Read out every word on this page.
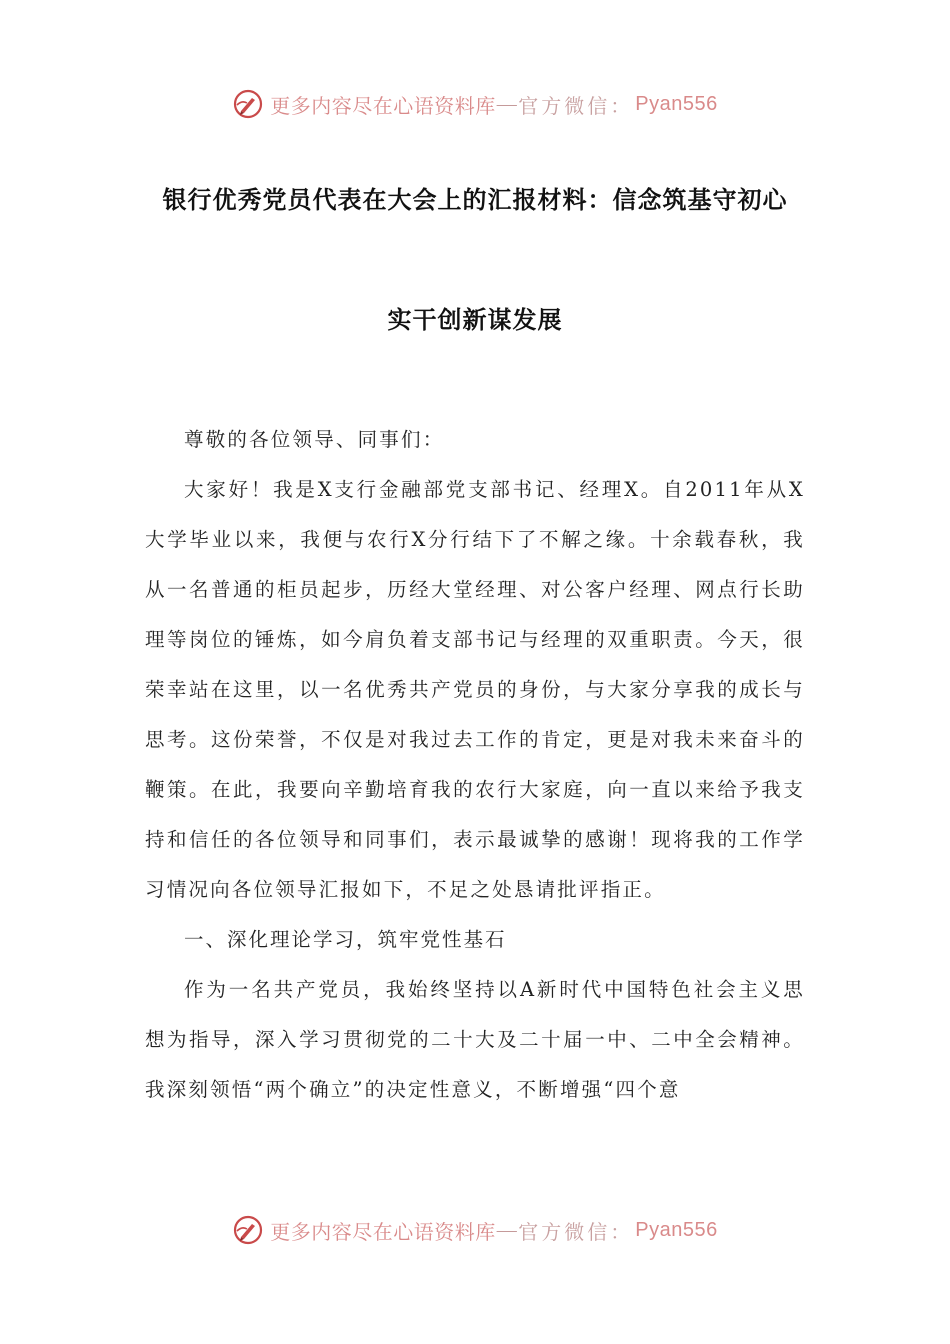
更多内容尽在心语资料库 — 官方微信： Pyan556
银行优秀党员代表在大会上的汇报材料：信念筑基守初心
实干创新谋发展

尊敬的各位领导、同事们：

大家好！我是X支行金融部党支部书记、经理X。自2011年从X大学毕业以来，我便与农行X分行结下了不解之缘。十余载春秋，我从一名普通的柜员起步，历经大堂经理、对公客户经理、网点行长助理等岗位的锤炼，如今肩负着支部书记与经理的双重职责。今天，很荣幸站在这里，以一名优秀共产党员的身份，与大家分享我的成长与思考。这份荣誉，不仅是对我过去工作的肯定，更是对我未来奋斗的鞭策。在此，我要向辛勤培育我的农行大家庭，向一直以来给予我支持和信任的各位领导和同事们，表示最诚挚的感谢！现将我的工作学习情况向各位领导汇报如下，不足之处恳请批评指正。

一、深化理论学习，筑牢党性基石

作为一名共产党员，我始终坚持以A新时代中国特色社会主义思想为指导，深入学习贯彻党的二十大及二十届一中、二中全会精神。我深刻领悟“两个确立”的决定性意义，不断增强“四个意

更多内容尽在心语资料库 — 官方微信： Pyan556
